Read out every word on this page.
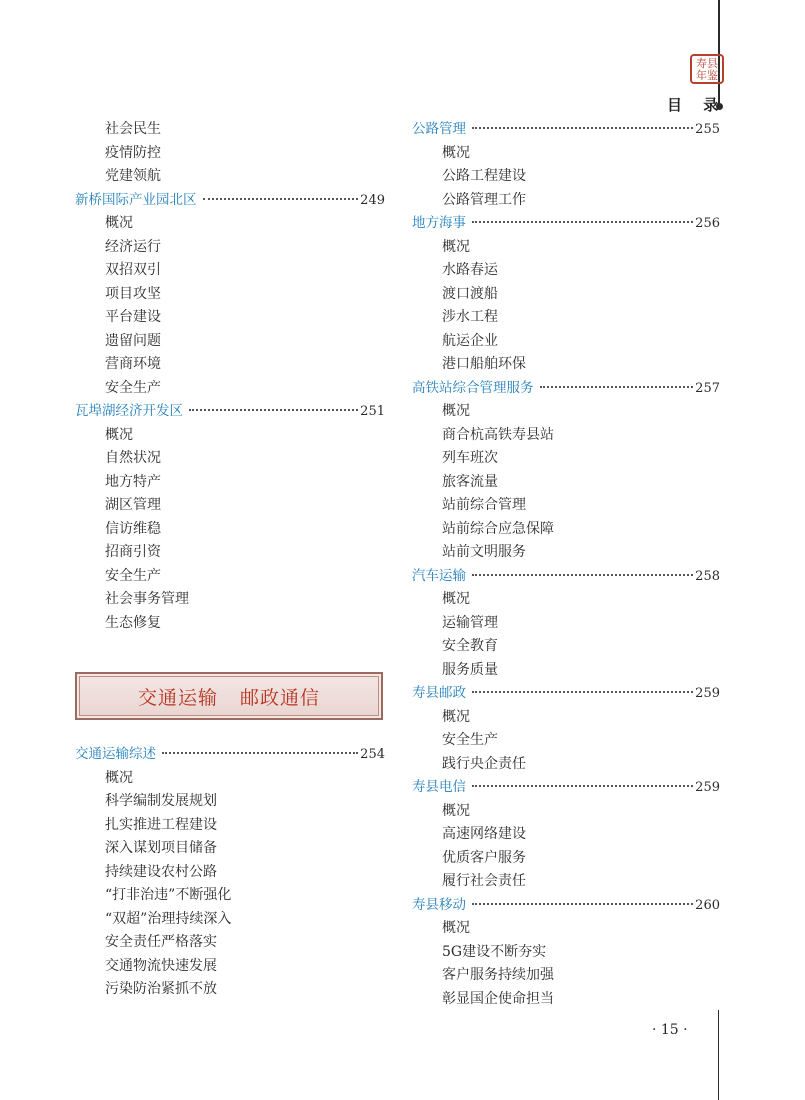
寿县年鉴
目 录
社会民生
疫情防控
党建领航
新桥国际产业园北区	249
概况
经济运行
双招双引
项目攻坚
平台建设
遗留问题
营商环境
安全生产
瓦埠湖经济开发区	251
概况
自然状况
地方特产
湖区管理
信访维稳
招商引资
安全生产
社会事务管理
生态修复
交通运输 邮政通信
交通运输综述	254
概况
科学编制发展规划
扎实推进工程建设
深入谋划项目储备
持续建设农村公路
“打非治违”不断强化
“双超”治理持续深入
安全责任严格落实
交通物流快速发展
污染防治紧抓不放
公路管理	255
概况
公路工程建设
公路管理工作
地方海事	256
概况
水路春运
渡口渡船
涉水工程
航运企业
港口船舶环保
高铁站综合管理服务	257
概况
商合杭高铁寿县站
列车班次
旅客流量
站前综合管理
站前综合应急保障
站前文明服务
汽车运输	258
概况
运输管理
安全教育
服务质量
寿县邮政	259
概况
安全生产
践行央企责任
寿县电信	259
概况
高速网络建设
优质客户服务
履行社会责任
寿县移动	260
概况
5G建设不断夯实
客户服务持续加强
彰显国企使命担当
· 15 ·
